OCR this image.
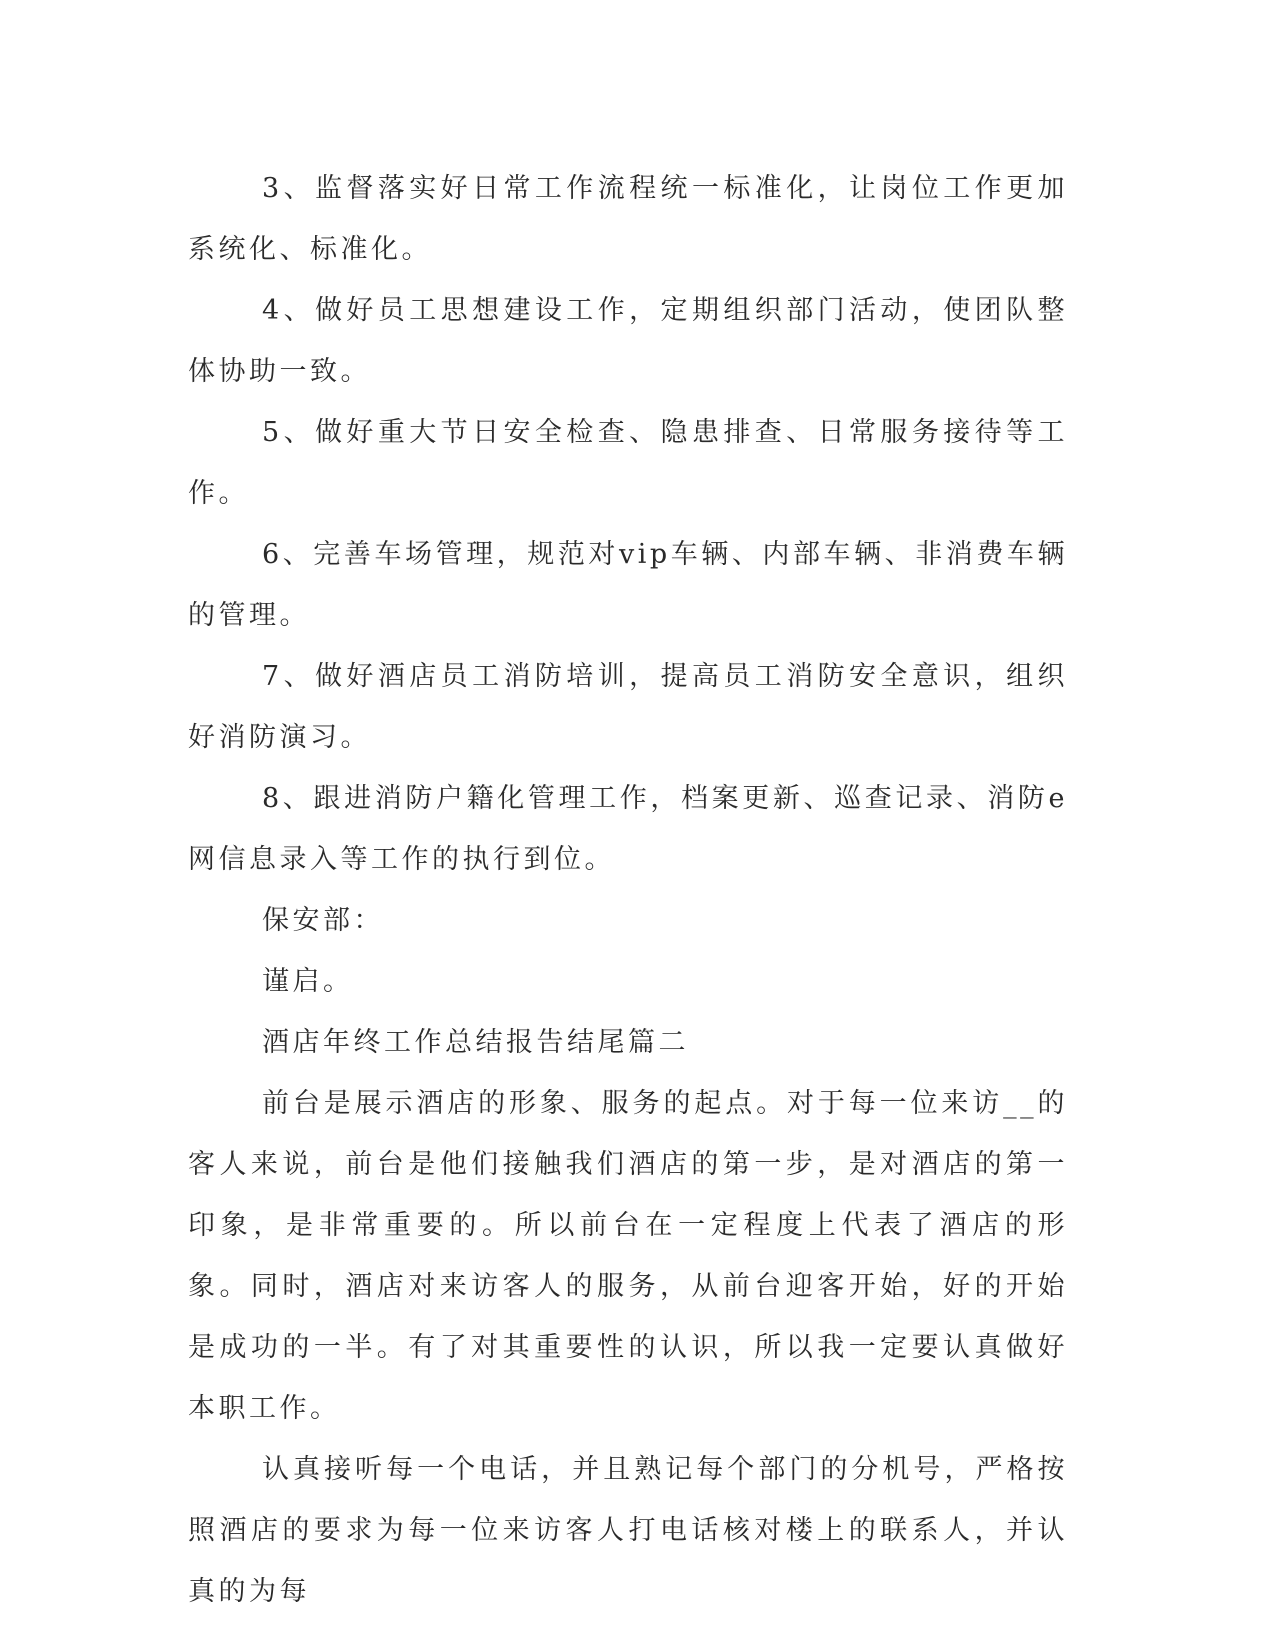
3、监督落实好日常工作流程统一标准化，让岗位工作更加系统化、标准化。

4、做好员工思想建设工作，定期组织部门活动，使团队整体协助一致。

5、做好重大节日安全检查、隐患排查、日常服务接待等工作。

6、完善车场管理，规范对vip车辆、内部车辆、非消费车辆的管理。

7、做好酒店员工消防培训，提高员工消防安全意识，组织好消防演习。

8、跟进消防户籍化管理工作，档案更新、巡查记录、消防e网信息录入等工作的执行到位。

保安部：

谨启。

酒店年终工作总结报告结尾篇二

前台是展示酒店的形象、服务的起点。对于每一位来访__的客人来说，前台是他们接触我们酒店的第一步，是对酒店的第一印象，是非常重要的。所以前台在一定程度上代表了酒店的形象。同时，酒店对来访客人的服务，从前台迎客开始，好的开始是成功的一半。有了对其重要性的认识，所以我一定要认真做好本职工作。

认真接听每一个电话，并且熟记每个部门的分机号，严格按照酒店的要求为每一位来访客人打电话核对楼上的联系人，并认真的为每
